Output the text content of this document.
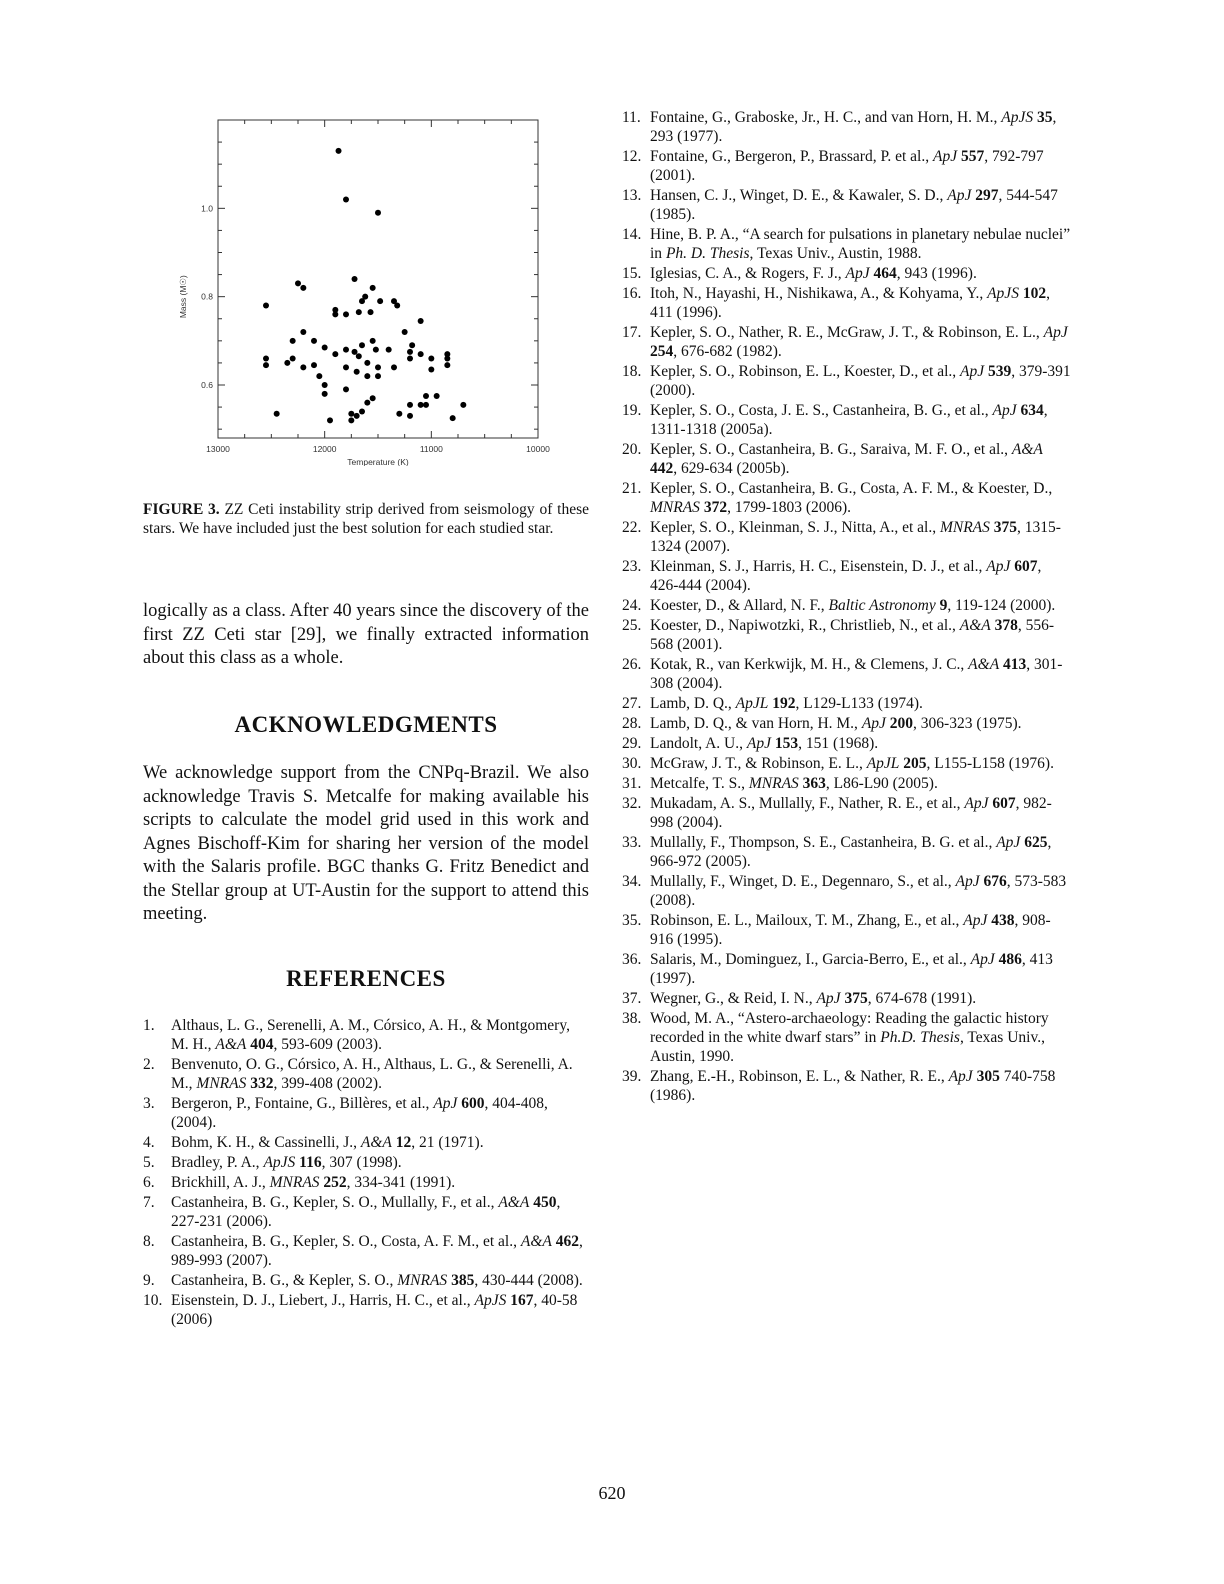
13000	12000	11000	10000
1.0
0.8
0.6
Temperature (K)
Mass (M☉)
FIGURE 3. ZZ Ceti instability strip derived from seismology of these stars. We have included just the best solution for each studied star.
logically as a class. After 40 years since the discovery of the first ZZ Ceti star [29], we finally extracted information about this class as a whole.
ACKNOWLEDGMENTS
We acknowledge support from the CNPq-Brazil. We also acknowledge Travis S. Metcalfe for making available his scripts to calculate the model grid used in this work and Agnes Bischoff-Kim for sharing her version of the model with the Salaris profile. BGC thanks G. Fritz Benedict and the Stellar group at UT-Austin for the support to attend this meeting.
REFERENCES
1.	Althaus, L. G., Serenelli, A. M., Córsico, A. H., & Montgomery, M. H., A&A 404, 593-609 (2003).
2.	Benvenuto, O. G., Córsico, A. H., Althaus, L. G., & Serenelli, A. M., MNRAS 332, 399-408 (2002).
3.	Bergeron, P., Fontaine, G., Billères, et al., ApJ 600, 404-408, (2004).
4.	Bohm, K. H., & Cassinelli, J., A&A 12, 21 (1971).
5.	Bradley, P. A., ApJS 116, 307 (1998).
6.	Brickhill, A. J., MNRAS 252, 334-341 (1991).
7.	Castanheira, B. G., Kepler, S. O., Mullally, F., et al., A&A 450, 227-231 (2006).
8.	Castanheira, B. G., Kepler, S. O., Costa, A. F. M., et al., A&A 462, 989-993 (2007).
9.	Castanheira, B. G., & Kepler, S. O., MNRAS 385, 430-444 (2008).
10. Eisenstein, D. J., Liebert, J., Harris, H. C., et al., ApJS 167, 40-58 (2006)
11. Fontaine, G., Graboske, Jr., H. C., and van Horn, H. M., ApJS 35, 293 (1977).
12. Fontaine, G., Bergeron, P., Brassard, P. et al., ApJ 557, 792-797 (2001).
13. Hansen, C. J., Winget, D. E., & Kawaler, S. D., ApJ 297, 544-547 (1985).
14. Hine, B. P. A., “A search for pulsations in planetary nebulae nuclei” in Ph. D. Thesis, Texas Univ., Austin, 1988.
15. Iglesias, C. A., & Rogers, F. J., ApJ 464, 943 (1996).
16. Itoh, N., Hayashi, H., Nishikawa, A., & Kohyama, Y., ApJS 102, 411 (1996).
17. Kepler, S. O., Nather, R. E., McGraw, J. T., & Robinson, E. L., ApJ 254, 676-682 (1982).
18. Kepler, S. O., Robinson, E. L., Koester, D., et al., ApJ 539, 379-391 (2000).
19. Kepler, S. O., Costa, J. E. S., Castanheira, B. G., et al., ApJ 634, 1311-1318 (2005a).
20. Kepler, S. O., Castanheira, B. G., Saraiva, M. F. O., et al., A&A 442, 629-634 (2005b).
21. Kepler, S. O., Castanheira, B. G., Costa, A. F. M., & Koester, D., MNRAS 372, 1799-1803 (2006).
22. Kepler, S. O., Kleinman, S. J., Nitta, A., et al., MNRAS 375, 1315-1324 (2007).
23. Kleinman, S. J., Harris, H. C., Eisenstein, D. J., et al., ApJ 607, 426-444 (2004).
24. Koester, D., & Allard, N. F., Baltic Astronomy 9, 119-124 (2000).
25. Koester, D., Napiwotzki, R., Christlieb, N., et al., A&A 378, 556-568 (2001).
26. Kotak, R., van Kerkwijk, M. H., & Clemens, J. C., A&A 413, 301-308 (2004).
27. Lamb, D. Q., ApJL 192, L129-L133 (1974).
28. Lamb, D. Q., & van Horn, H. M., ApJ 200, 306-323 (1975).
29. Landolt, A. U., ApJ 153, 151 (1968).
30. McGraw, J. T., & Robinson, E. L., ApJL 205, L155-L158 (1976).
31. Metcalfe, T. S., MNRAS 363, L86-L90 (2005).
32. Mukadam, A. S., Mullally, F., Nather, R. E., et al., ApJ 607, 982-998 (2004).
33. Mullally, F., Thompson, S. E., Castanheira, B. G. et al., ApJ 625, 966-972 (2005).
34. Mullally, F., Winget, D. E., Degennaro, S., et al., ApJ 676, 573-583 (2008).
35. Robinson, E. L., Mailoux, T. M., Zhang, E., et al., ApJ 438, 908-916 (1995).
36. Salaris, M., Dominguez, I., Garcia-Berro, E., et al., ApJ 486, 413 (1997).
37. Wegner, G., & Reid, I. N., ApJ 375, 674-678 (1991).
38. Wood, M. A., “Astero-archaeology: Reading the galactic history recorded in the white dwarf stars” in Ph.D. Thesis, Texas Univ., Austin, 1990.
39. Zhang, E.-H., Robinson, E. L., & Nather, R. E., ApJ 305 740-758 (1986).
620
